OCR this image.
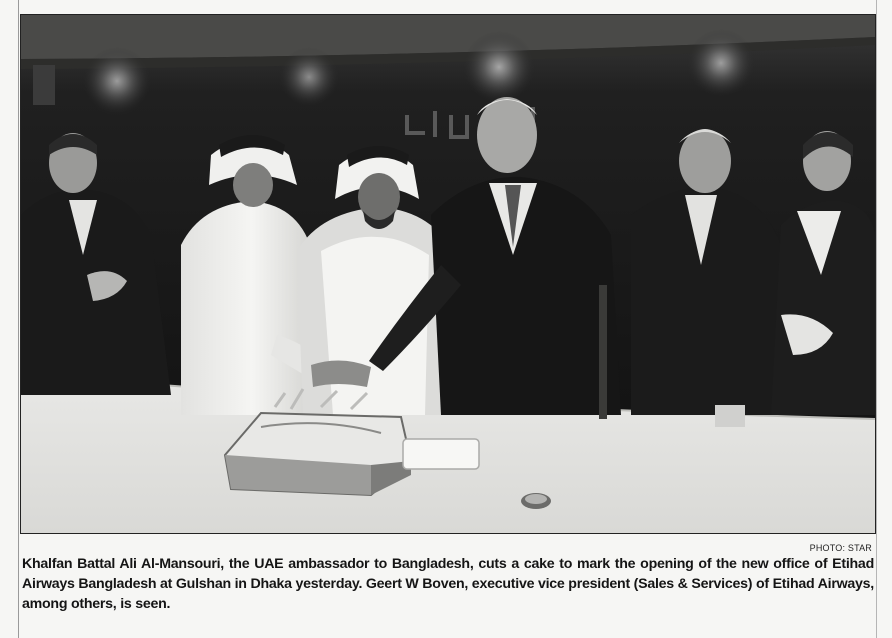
PHOTO: STAR
Khalfan Battal Ali Al-Mansouri, the UAE ambassador to Bangladesh, cuts a cake to mark the opening of the new office of Etihad Airways Bangladesh at Gulshan in Dhaka yesterday. Geert W Boven, executive vice president (Sales & Services) of Etihad Airways, among others, is seen.
